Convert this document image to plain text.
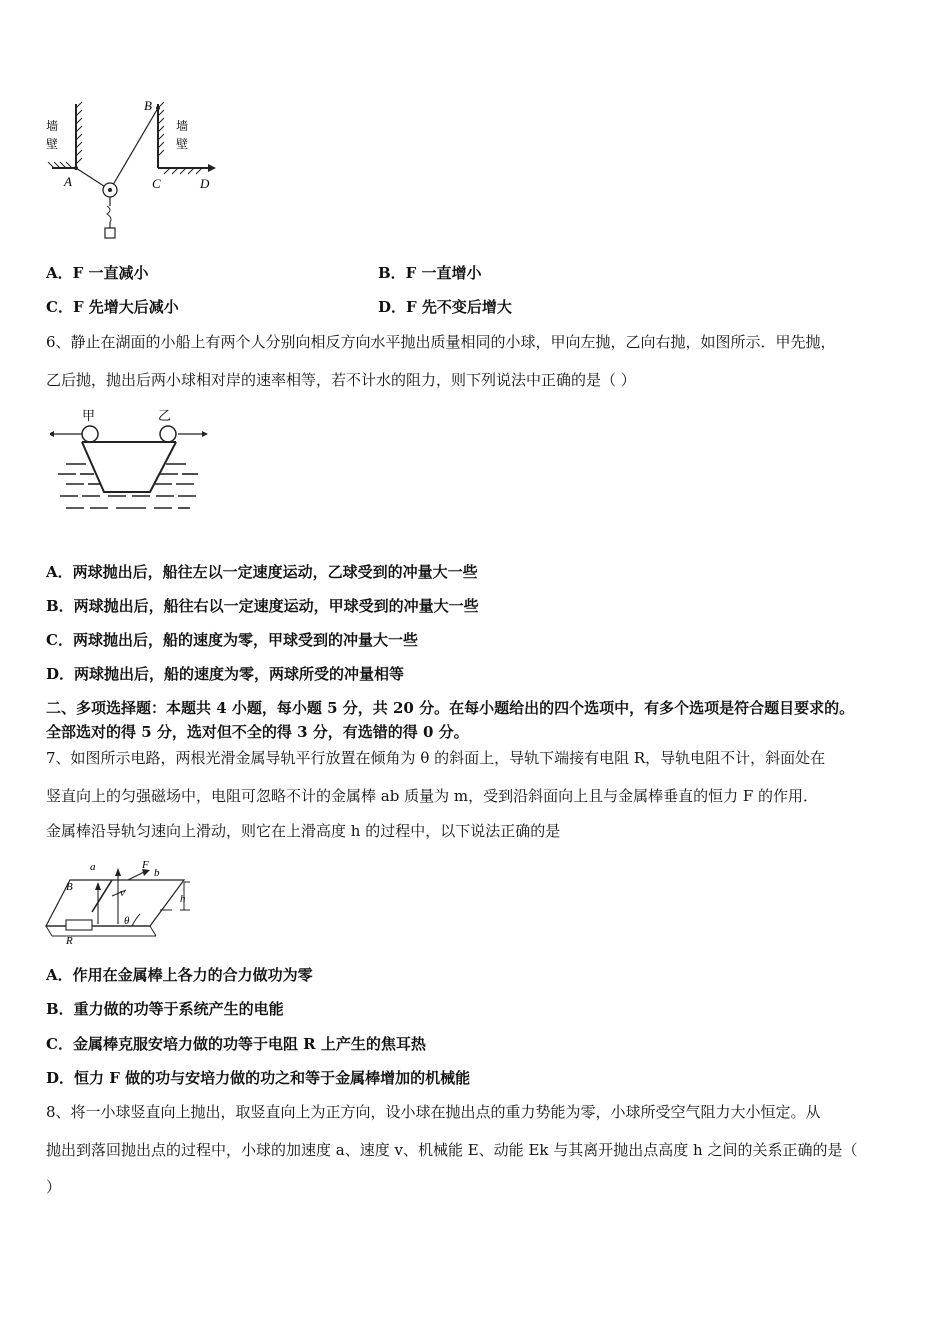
墙
壁
墙
壁
A
B
C	D
A．F 一直减小	B．F 一直增小
C．F 先增大后减小	D．F 先不变后增大
6、静止在湖面的小船上有两个人分别向相反方向水平抛出质量相同的小球，甲向左抛，乙向右抛，如图所示．甲先抛，
乙后抛，抛出后两小球相对岸的速率相等，若不计水的阻力，则下列说法中正确的是（ ）
甲	乙
A．两球抛出后，船往左以一定速度运动，乙球受到的冲量大一些
B．两球抛出后，船往右以一定速度运动，甲球受到的冲量大一些
C．两球抛出后，船的速度为零，甲球受到的冲量大一些
D．两球抛出后，船的速度为零，两球所受的冲量相等
二、多项选择题：本题共 4 小题，每小题 5 分，共 20 分。在每小题给出的四个选项中，有多个选项是符合题目要求的。
全部选对的得 5 分，选对但不全的得 3 分，有选错的得 0 分。
7、如图所示电路，两根光滑金属导轨平行放置在倾角为 θ 的斜面上，导轨下端接有电阻 R，导轨电阻不计，斜面处在
竖直向上的匀强磁场中，电阻可忽略不计的金属棒 ab 质量为 m，受到沿斜面向上且与金属棒垂直的恒力 F 的作用．
金属棒沿导轨匀速向上滑动，则它在上滑高度 h 的过程中，以下说法正确的是
a	F
b
B	v	h
θ
R
A．作用在金属棒上各力的合力做功为零
B．重力做的功等于系统产生的电能
C．金属棒克服安培力做的功等于电阻 R 上产生的焦耳热
D．恒力 F 做的功与安培力做的功之和等于金属棒增加的机械能
8、将一小球竖直向上抛出，取竖直向上为正方向，设小球在抛出点的重力势能为零，小球所受空气阻力大小恒定。从
抛出到落回抛出点的过程中，小球的加速度 a、速度 v、机械能 E、动能 Ek 与其离开抛出点高度 h 之间的关系正确的是（
）
